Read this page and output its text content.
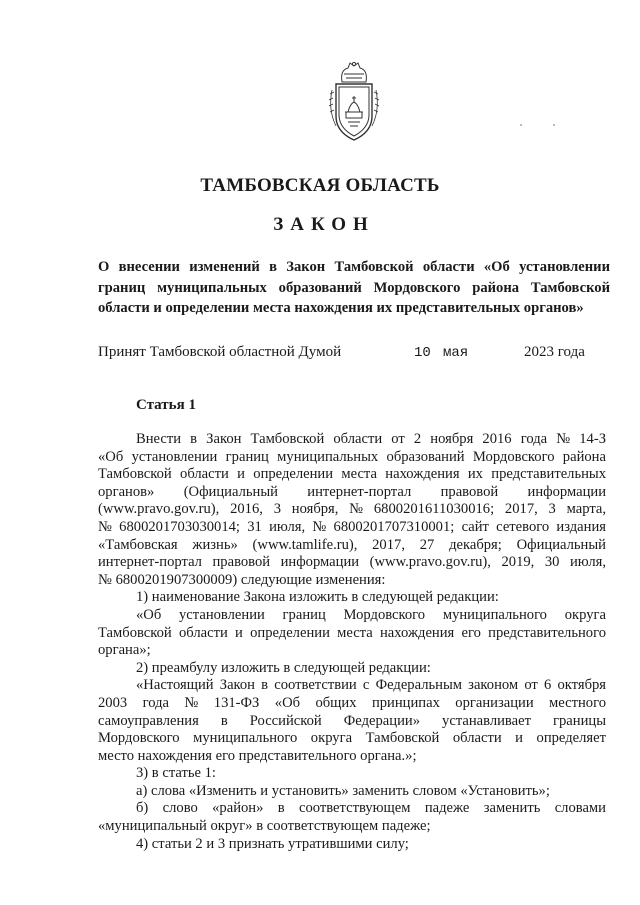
ТАМБОВСКАЯ ОБЛАСТЬ
ЗАКОН
О внесении изменений в Закон Тамбовской области «Об установлении
границ муниципальных образований Мордовского района Тамбовской
области и определении места нахождения их представительных органов»
Принят Тамбовской областной Думой	10 мая	2023 года
Статья 1
Внести в Закон Тамбовской области от 2 ноября 2016 года № 14-З
«Об установлении границ муниципальных образований Мордовского района
Тамбовской области и определении места нахождения их представительных
органов» (Официальный интернет-портал правовой информации
(www.pravo.gov.ru), 2016, 3 ноября, № 6800201611030016; 2017, 3 марта,
№ 6800201703030014; 31 июля, № 6800201707310001; сайт сетевого издания
«Тамбовская жизнь» (www.tamlife.ru), 2017, 27 декабря; Официальный
интернет-портал правовой информации (www.pravo.gov.ru), 2019, 30 июля,
№ 6800201907300009) следующие изменения:
1) наименование Закона изложить в следующей редакции:
«Об установлении границ Мордовского муниципального округа
Тамбовской области и определении места нахождения его представительного
органа»;
2) преамбулу изложить в следующей редакции:
«Настоящий Закон в соответствии с Федеральным законом от 6 октября
2003 года № 131-ФЗ «Об общих принципах организации местного
самоуправления в Российской Федерации» устанавливает границы
Мордовского муниципального округа Тамбовской области и определяет
место нахождения его представительного органа.»;
3) в статье 1:
а) слова «Изменить и установить» заменить словом «Установить»;
б) слово «район» в соответствующем падеже заменить словами
«муниципальный округ» в соответствующем падеже;
4) статьи 2 и 3 признать утратившими силу;
